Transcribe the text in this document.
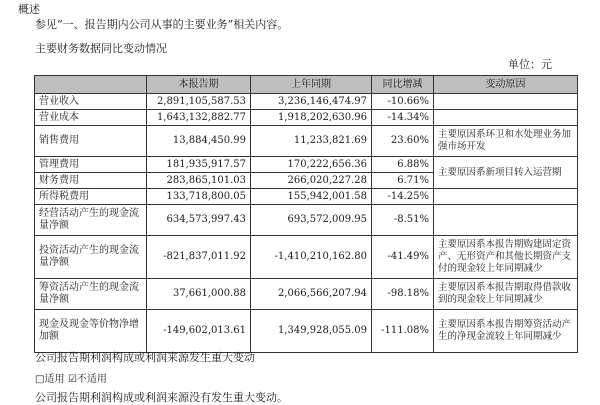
概述
参见“一、报告期内公司从事的主要业务”相关内容。
主要财务数据同比变动情况
单位：元
	本报告期	上年同期	同比增减	变动原因
营业收入	2,891,105,587.53	3,236,146,474.97	-10.66%	
营业成本	1,643,132,882.77	1,918,202,630.96	-14.34%	
销售费用	13,884,450.99	11,233,821.69	23.60%	主要原因系环卫和水处理业务加强市场开发
管理费用	181,935,917.57	170,222,656.36	6.88%	主要原因系新项目转入运营期
财务费用	283,865,101.03	266,020,227.28	6.71%	
所得税费用	133,718,800.05	155,942,001.58	-14.25%	
经营活动产生的现金流量净额	634,573,997.43	693,572,009.95	-8.51%	
投资活动产生的现金流量净额	-821,837,011.92	-1,410,210,162.80	-41.49%	主要原因系本报告期购建固定资产、无形资产和其他长期资产支付的现金较上年同期减少
筹资活动产生的现金流量净额	37,661,000.88	2,066,566,207.94	-98.18%	主要原因系本报告期取得借款收到的现金较上年同期减少
现金及现金等价物净增加额	-149,602,013.61	1,349,928,055.09	-111.08%	主要原因系本报告期筹资活动产生的净现金流较上年同期减少
公司报告期利润构成或利润来源发生重大变动
□适用 ☑不适用
公司报告期利润构成或利润来源没有发生重大变动。
